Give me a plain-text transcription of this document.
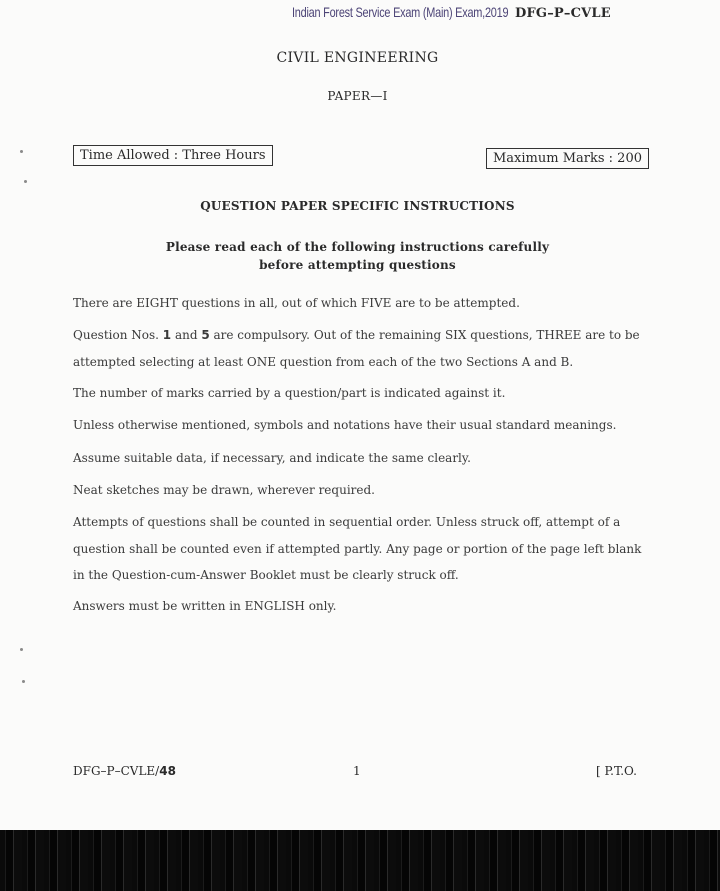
Indian Forest Service Exam (Main) Exam,2019 DFG–P–CVLE
CIVIL ENGINEERING
PAPER—I
Time Allowed : Three Hours	Maximum Marks : 200
QUESTION PAPER SPECIFIC INSTRUCTIONS
Please read each of the following instructions carefully
before attempting questions
There are EIGHT questions in all, out of which FIVE are to be attempted.
Question Nos. 1 and 5 are compulsory. Out of the remaining SIX questions, THREE are to be attempted selecting at least ONE question from each of the two Sections A and B.
The number of marks carried by a question/part is indicated against it.
Unless otherwise mentioned, symbols and notations have their usual standard meanings.
Assume suitable data, if necessary, and indicate the same clearly.
Neat sketches may be drawn, wherever required.
Attempts of questions shall be counted in sequential order. Unless struck off, attempt of a question shall be counted even if attempted partly. Any page or portion of the page left blank in the Question-cum-Answer Booklet must be clearly struck off.
Answers must be written in ENGLISH only.
DFG–P–CVLE/48	1	[ P.T.O.
